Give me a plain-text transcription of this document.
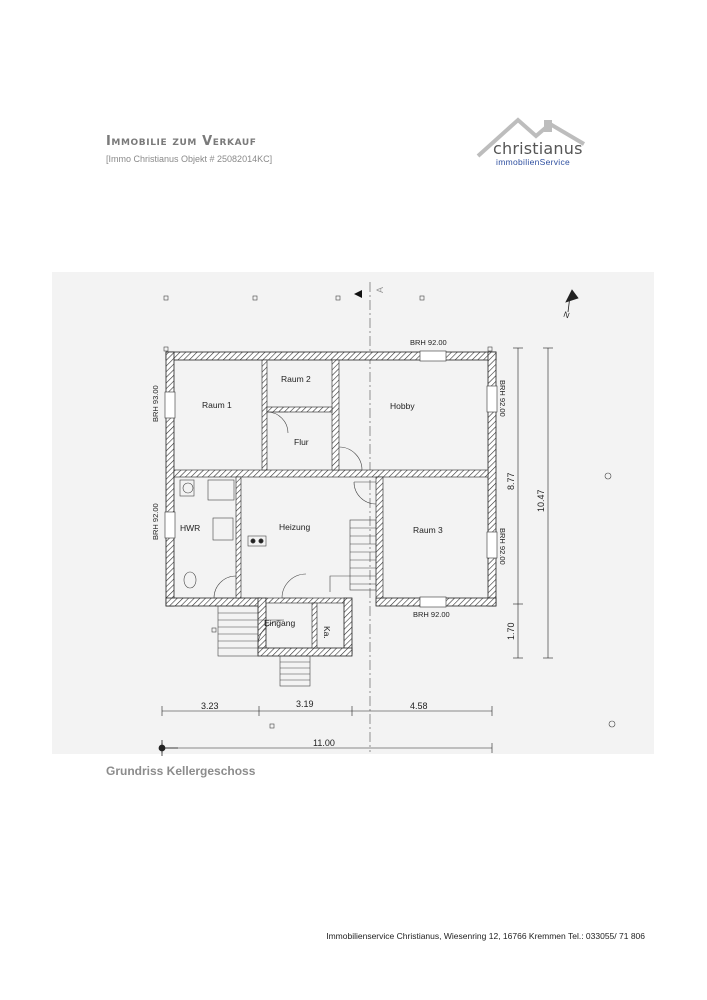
Immobilie zum Verkauf
[Immo Christianus Objekt # 25082014KC]
christianus
immobilienService
A
Raum 1
Raum 2
Hobby
Flur
HWR	Heizung	Raum 3
Eingang
Ka.
BRH 92.00
BRH 93.00
BRH 92.00
BRH 92.00
BRH 92.00
BRH 92.00
3.23	3.19	4.58
11.00
8.77
1.70
10.47
N
Grundriss Kellergeschoss
Immobilienservice Christianus, Wiesenring 12, 16766 Kremmen Tel.: 033055/ 71 806
